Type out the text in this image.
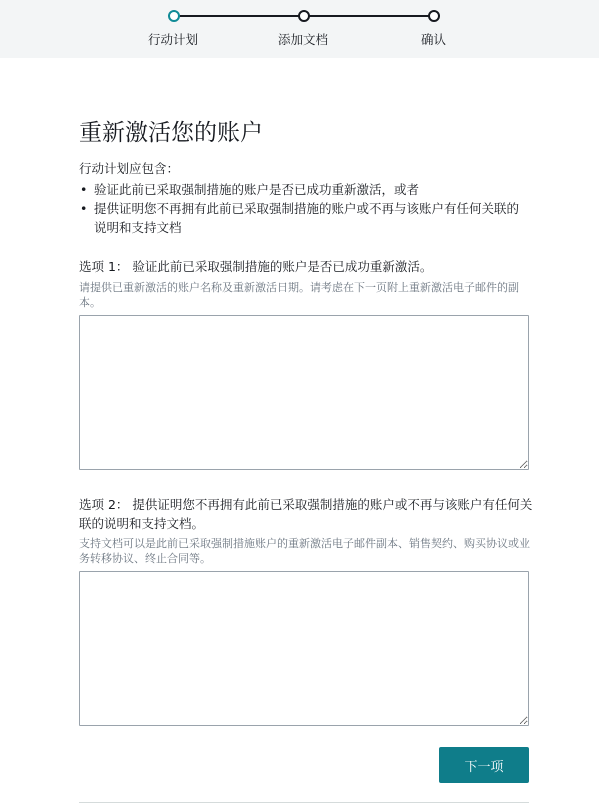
行动计划	添加文档	确认
重新激活您的账户
行动计划应包含：
• 验证此前已采取强制措施的账户是否已成功重新激活，或者
• 提供证明您不再拥有此前已采取强制措施的账户或不再与该账户有任何关联的说明和支持文档
选项 1： 验证此前已采取强制措施的账户是否已成功重新激活。
请提供已重新激活的账户名称及重新激活日期。请考虑在下一页附上重新激活电子邮件的副本。
选项 2： 提供证明您不再拥有此前已采取强制措施的账户或不再与该账户有任何关联的说明和支持文档。
支持文档可以是此前已采取强制措施账户的重新激活电子邮件副本、销售契约、购买协议或业务转移协议、终止合同等。
下一项
